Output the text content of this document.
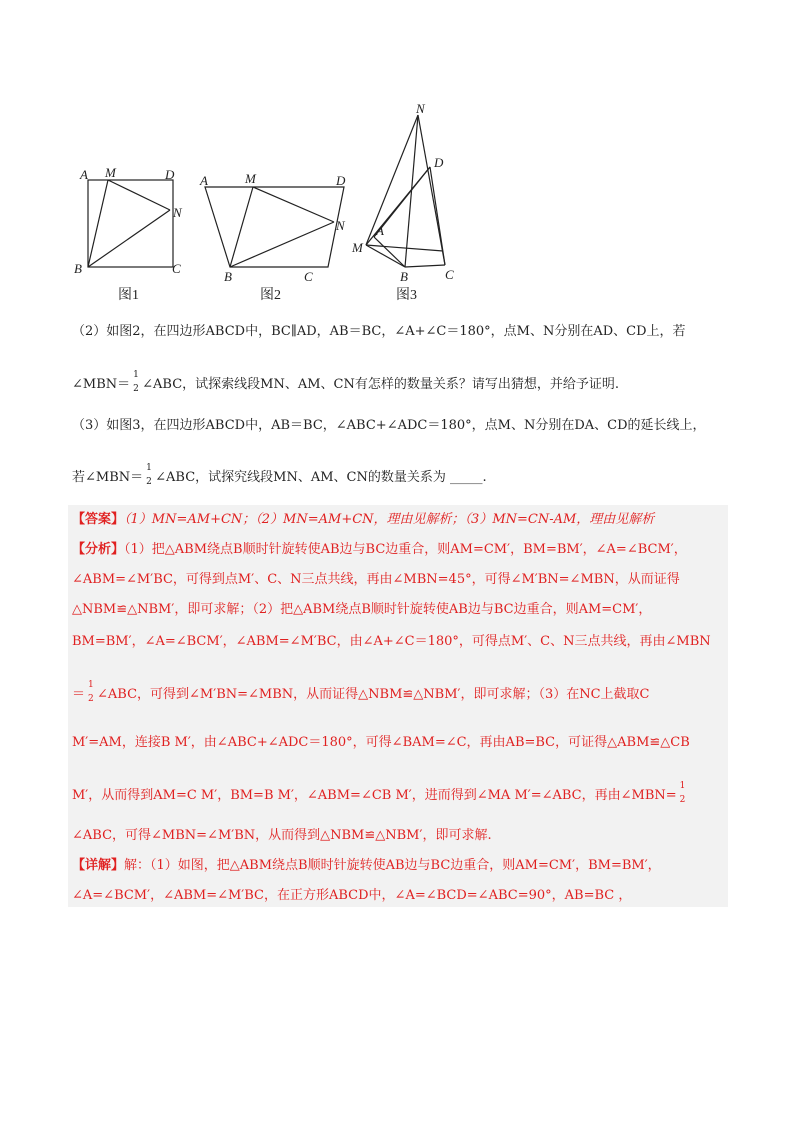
A M	D
N
B	C
图1
A	M	D
N
B	C
图2
N
D
A
M
B	C
图3
（2）如图2，在四边形ABCD中，BC∥AD，AB＝BC，∠A+∠C＝180°，点M、N分别在AD、CD上，若
∠MBN＝
1
2 ∠ABC，试探索线段MN、AM、CN有怎样的数量关系？请写出猜想，并给予证明.
（3）如图3，在四边形ABCD中，AB＝BC，∠ABC+∠ADC＝180°，点M、N分别在DA、CD的延长线上，
若∠MBN＝
1
2 ∠ABC，试探究线段MN、AM、CN的数量关系为 _____.
【答案】（1）MN=AM+CN；（2）MN=AM+CN，理由见解析；（3）MN=CN-AM，理由见解析
【分析】（1）把△ABM绕点B顺时针旋转使AB边与BC边重合，则AM=CM′，BM=BM′，∠A=∠BCM′，
∠ABM=∠M′BC，可得到点M′、C、N三点共线，再由∠MBN=45°，可得∠M′BN=∠MBN，从而证得
△NBM≌△NBM′，即可求解；（2）把△ABM绕点B顺时针旋转使AB边与BC边重合，则AM=CM′，
BM=BM′，∠A=∠BCM′，∠ABM=∠M′BC，由∠A+∠C＝180°，可得点M′、C、N三点共线，再由∠MBN
＝
1
2 ∠ABC，可得到∠M′BN=∠MBN，从而证得△NBM≌△NBM′，即可求解；（3）在NC上截取C
M′=AM，连接B M′，由∠ABC+∠ADC＝180°，可得∠BAM=∠C，再由AB=BC，可证得△ABM≌△CB
M′，从而得到AM=C M′，BM=B M′，∠ABM=∠CB M′，进而得到∠MA M′=∠ABC，再由∠MBN=
1
2
∠ABC，可得∠MBN=∠M′BN，从而得到△NBM≌△NBM′，即可求解.
【详解】解：（1）如图，把△ABM绕点B顺时针旋转使AB边与BC边重合，则AM=CM′，BM=BM′，
∠A=∠BCM′，∠ABM=∠M′BC，在正方形ABCD中，∠A=∠BCD=∠ABC=90°，AB=BC ，
